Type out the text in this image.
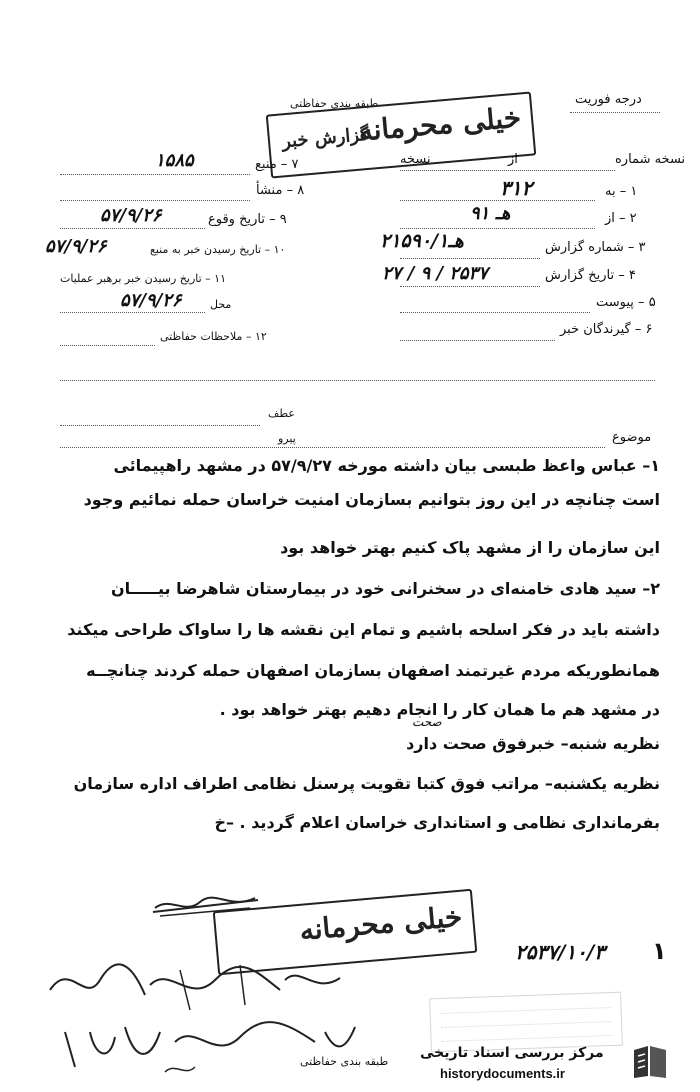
درجه فوریت
طبقه بندی حفاظتی
خیلی محرمانه
گزارش خبر
نسخه شماره
از
نسخه
۱ – به
۳۱۲
۲ – از
۹هـ ۱
۳ – شماره گزارش
۲۱۵۹۰/هـ۱
۴ – تاریخ گزارش
۲۷ / ۹ / ۲۵۳۷
۵ – پیوست
۶ – گیرندگان خبر
۱۵۸۵	۷ – منبع
۸ – منشأ
۵۷/۹/۲۶	۹ – تاریخ وقوع
۵۷/۹/۲۶	۱۰ – تاریخ رسیدن خبر به منبع
۱۱ – تاریخ رسیدن خبر برهبر عملیات
۵۷/۹/۲۶	محل
۱۲ – ملاحظات حفاظتی
عطف
پیرو	موضوع
۱– عباس واعظ طبسی بیان داشته مورخه ۵۷/۹/۲۷ در مشهد راهپیمائی
است چنانچه در این روز بتوانیم بسازمان امنیت خراسان حمله نمائیم وجود
این سازمان را از مشهد پاک کنیم بهتر خواهد بود
۲– سید هادی خامنه‌ای در سخنرانی خود در بیمارستان شاهرضا بیـــــان
داشته باید در فکر اسلحه باشیم و تمام این نقشه ها را ساواک طراحی میکند
همانطوریکه مردم غیرتمند اصفهان بسازمان اصفهان حمله کردند چنانچــه
در مشهد هم ما همان کار را انجام دهیم بهتر خواهد بود .
صحت
نظریه شنبه– خبرفوق صحت دارد
نظریه یکشنبه– مراتب فوق کتبا تقویت پرسنل نظامی اطراف اداره سازمان
بفرمانداری نظامی و استانداری خراسان اعلام گردید . –خ
خیلی محرمانه
۲۵۳۷/۱۰/۳ ۱
طبقه بندی حفاظتی
مرکز بررسی اسناد تاریخی
historydocuments.ir
